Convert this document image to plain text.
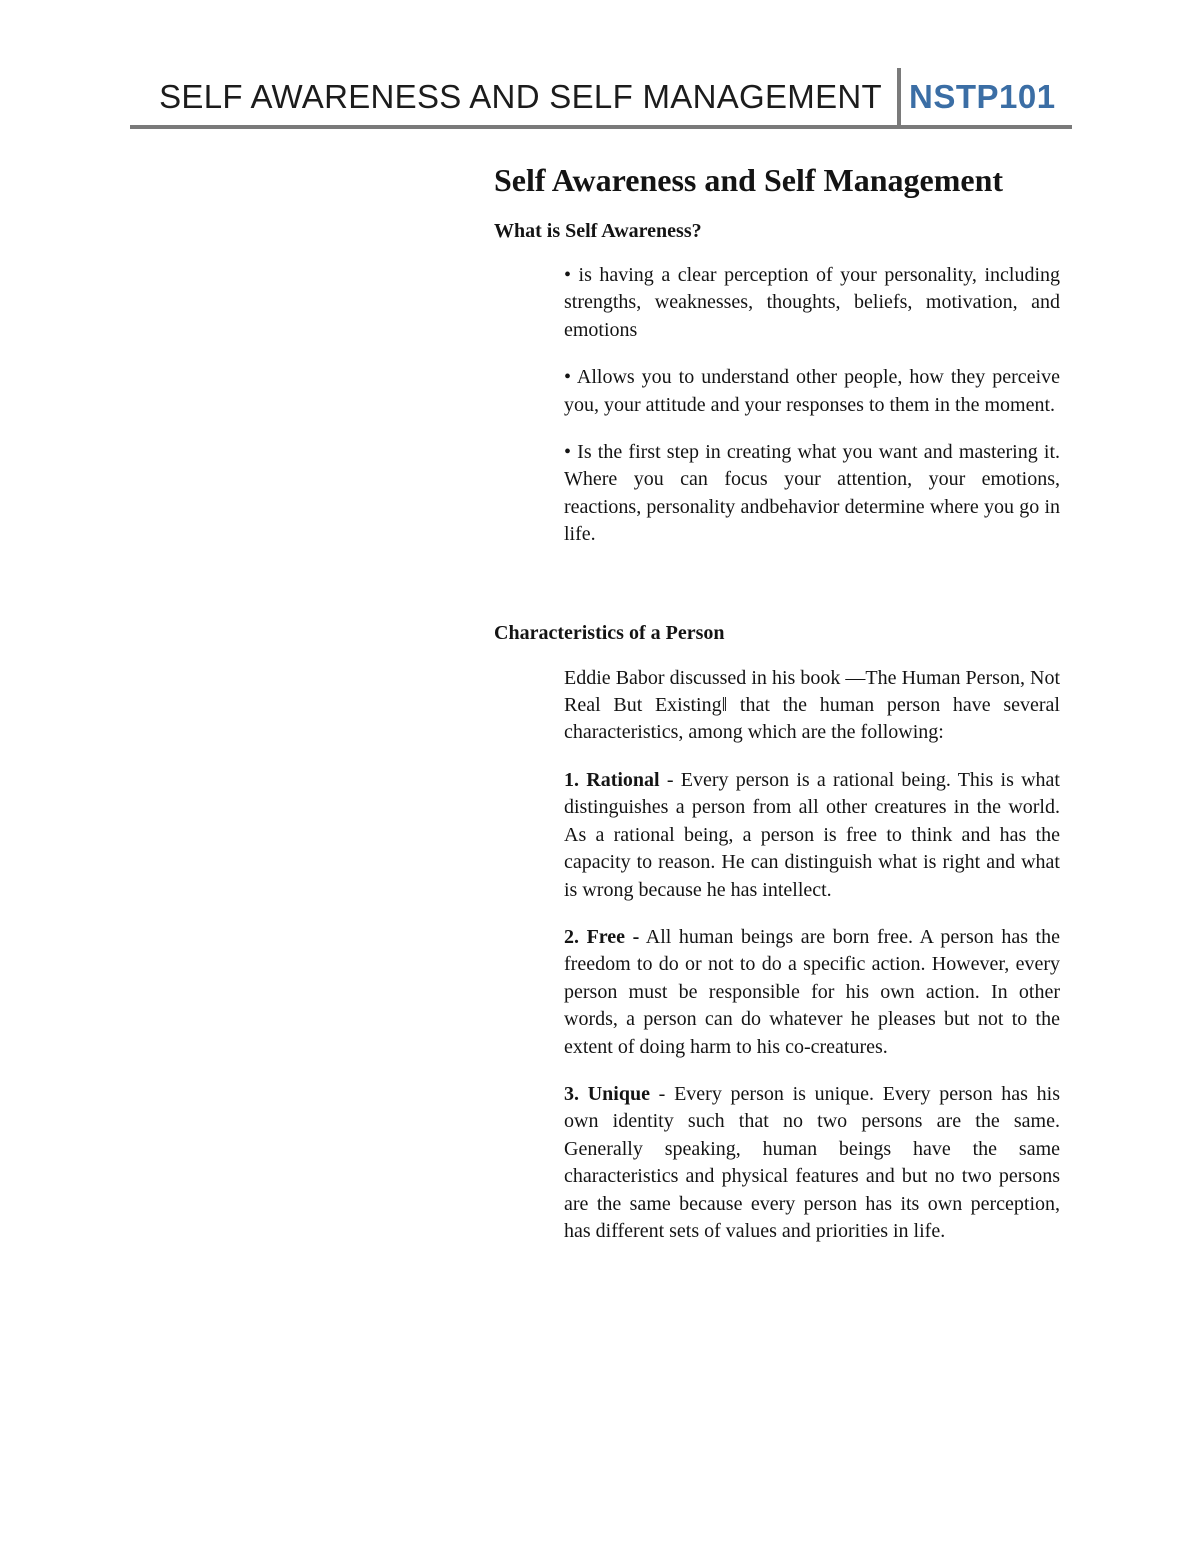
SELF AWARENESS AND SELF MANAGEMENT NSTP101
Self Awareness and Self Management
What is Self Awareness?

• is having a clear perception of your personality, including strengths, weaknesses, thoughts, beliefs, motivation, and emotions

• Allows you to understand other people, how they perceive you, your attitude and your responses to them in the moment.

• Is the first step in creating what you want and mastering it. Where you can focus your attention, your emotions, reactions, personality andbehavior determine where you go in life.

Characteristics of a Person

Eddie Babor discussed in his book ―The Human Person, Not Real But Existing‖ that the human person have several characteristics, among which are the following:

1. Rational - Every person is a rational being. This is what distinguishes a person from all other creatures in the world. As a rational being, a person is free to think and has the capacity to reason. He can distinguish what is right and what is wrong because he has intellect.

2. Free - All human beings are born free. A person has the freedom to do or not to do a specific action. However, every person must be responsible for his own action. In other words, a person can do whatever he pleases but not to the extent of doing harm to his co-creatures.

3. Unique - Every person is unique. Every person has his own identity such that no two persons are the same. Generally speaking, human beings have the same characteristics and physical features and but no two persons are the same because every person has its own perception, has different sets of values and priorities in life.
